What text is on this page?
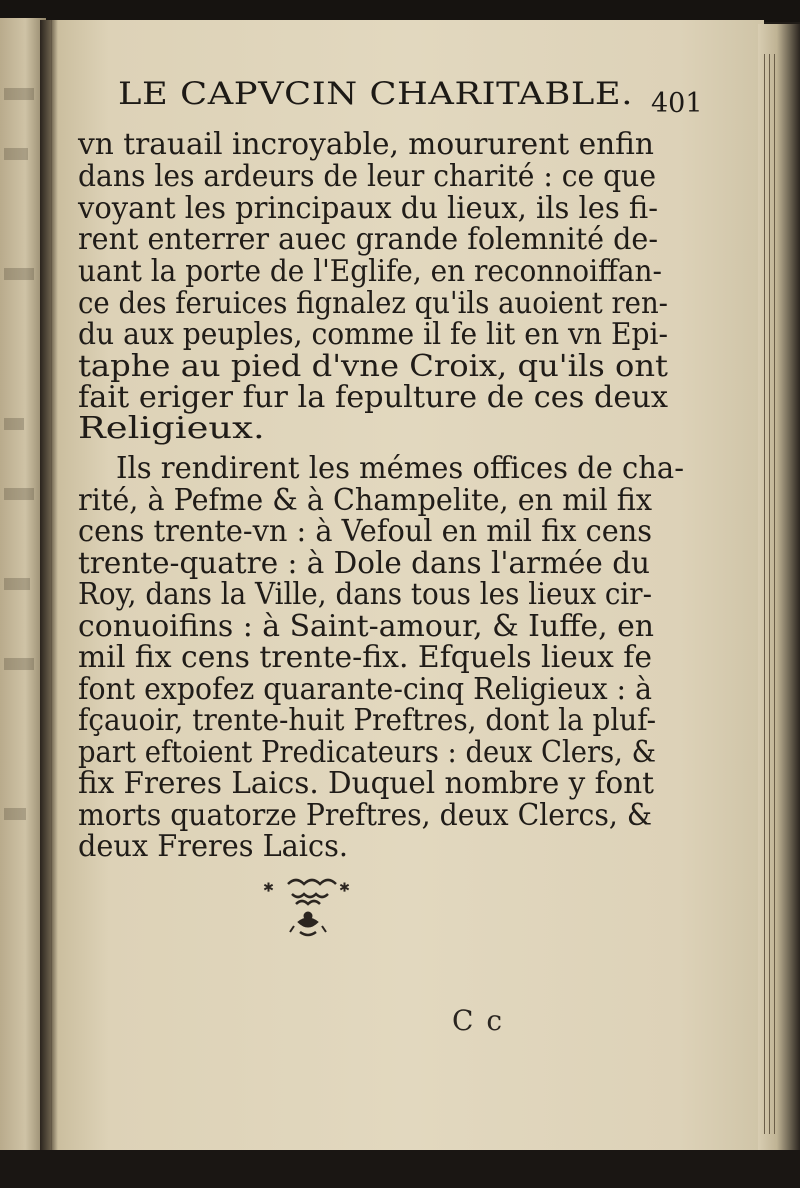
LE CAPVCIN CHARITABLE. 401
vn trauail incroyable, moururent enfin
dans les ardeurs de leur charité : ce que
voyant les principaux du lieux, ils les fi-
rent enterrer auec grande folemnité de-
uant la porte de l'Eglife, en reconnoiffan-
ce des feruices fignalez qu'ils auoient ren-
du aux peuples, comme il fe lit en vn Epi-
taphe au pied d'vne Croix, qu'ils ont
fait eriger fur la fepulture de ces deux
Religieux.
Ils rendirent les mémes offices de cha-
rité, à Pefme & à Champelite, en mil fix
cens trente-vn : à Vefoul en mil fix cens
trente-quatre : à Dole dans l'armée du
Roy, dans la Ville, dans tous les lieux cir-
conuoifins : à Saint-amour, & Iuffe, en
mil fix cens trente-fix. Efquels lieux fe
font expofez quarante-cinq Religieux : à
fçauoir, trente-huit Preftres, dont la pluf-
part eftoient Predicateurs : deux Clers, &
fix Freres Laics. Duquel nombre y font
morts quatorze Preftres, deux Clercs, &
deux Freres Laics.
*	*
C c
